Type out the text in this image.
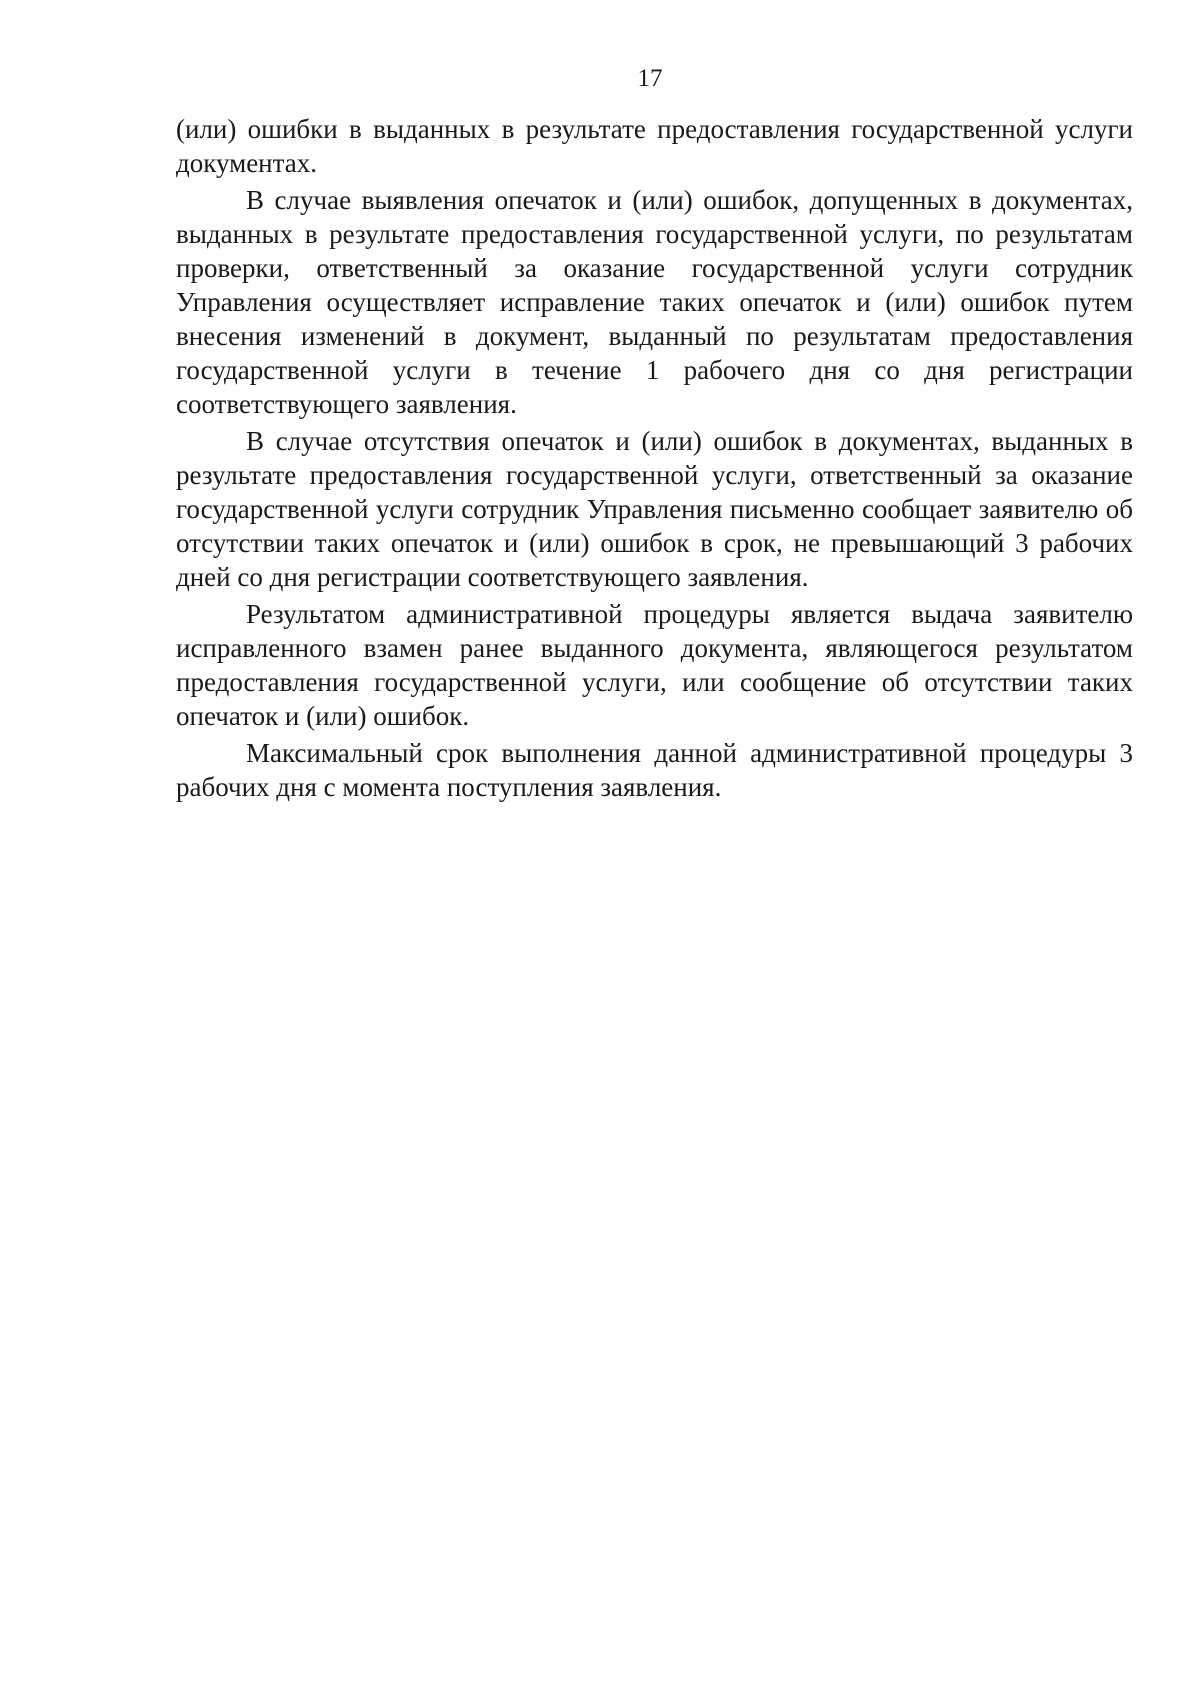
17

(или) ошибки в выданных в результате предоставления государственной услуги документах.

В случае выявления опечаток и (или) ошибок, допущенных в документах, выданных в результате предоставления государственной услуги, по результатам проверки, ответственный за оказание государственной услуги сотрудник Управления осуществляет исправление таких опечаток и (или) ошибок путем внесения изменений в документ, выданный по результатам предоставления государственной услуги в течение 1 рабочего дня со дня регистрации соответствующего заявления.

В случае отсутствия опечаток и (или) ошибок в документах, выданных в результате предоставления государственной услуги, ответственный за оказание государственной услуги сотрудник Управления письменно сообщает заявителю об отсутствии таких опечаток и (или) ошибок в срок, не превышающий 3 рабочих дней со дня регистрации соответствующего заявления.

Результатом административной процедуры является выдача заявителю исправленного взамен ранее выданного документа, являющегося результатом предоставления государственной услуги, или сообщение об отсутствии таких опечаток и (или) ошибок.

Максимальный срок выполнения данной административной процедуры 3 рабочих дня с момента поступления заявления.
